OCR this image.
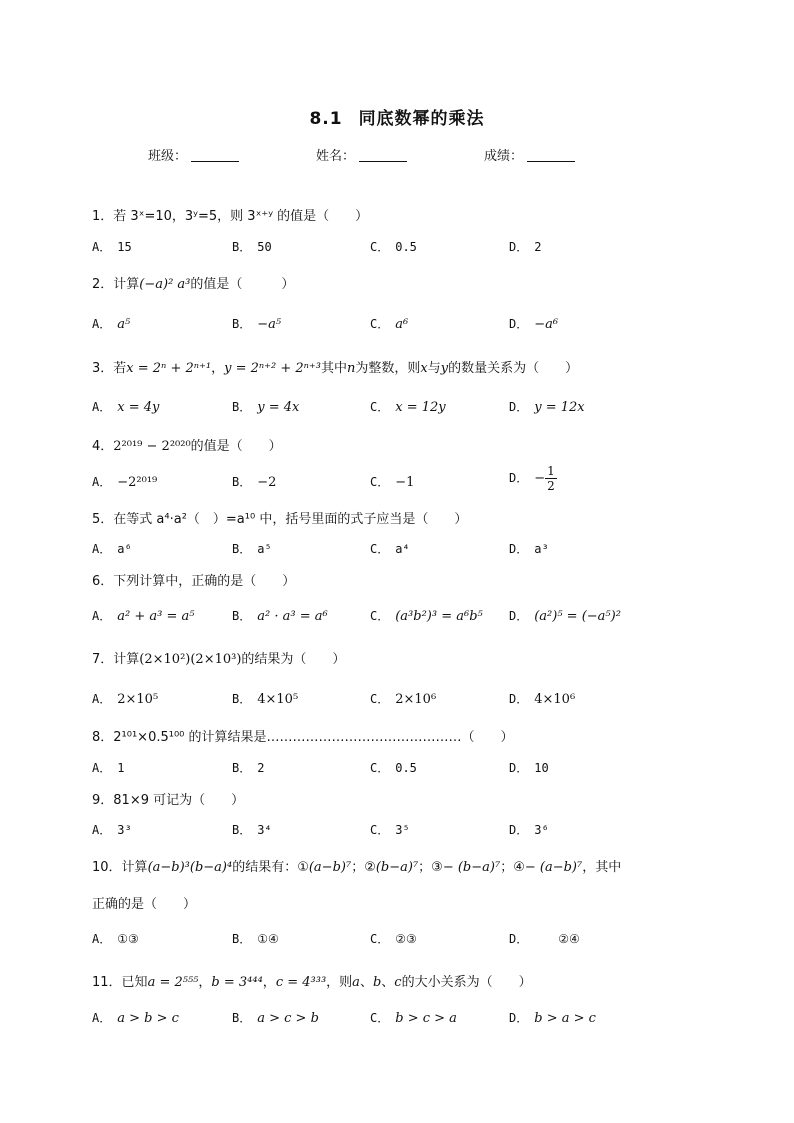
8.1 同底数幂的乘法
班级：	姓名：	成绩：
1．若 3ˣ=10，3ʸ=5，则 3ˣ⁺ʸ 的值是（　　）
A． 15	B． 50	C． 0.5	D． 2
2．计算(−a)² a³的值是（　　　）
A． a⁵	B． −a⁵	C． a⁶	D． −a⁶
3．若x = 2ⁿ + 2ⁿ⁺¹，y = 2ⁿ⁺² + 2ⁿ⁺³其中n为整数，则x与y的数量关系为（　　）
A． x = 4y	B． y = 4x	C． x = 12y	D． y = 12x
4．2²⁰¹⁹ − 2²⁰²⁰的值是（　　）
A． −2²⁰¹⁹	B． −2	C． −1	D． − $\frac{1}{2}$
5．在等式 a⁴·a²（　）=a¹⁰ 中，括号里面的式子应当是（　　）
A． a⁶	B． a⁵	C． a⁴	D． a³
6．下列计算中，正确的是（　　）
A． a² + a³ = a⁵	B． a² · a³ = a⁶	C． (a³b²)³ = a⁶b⁵ D． (a²)⁵ = (−a⁵)²
7．计算(2×10²)(2×10³)的结果为（　　）
A． 2×10⁵	B． 4×10⁵	C． 2×10⁶	D． 4×10⁶
8．2¹⁰¹×0.5¹⁰⁰ 的计算结果是………………………………………（　　）
A． 1	B． 2	C． 0.5	D． 10
9．81×9 可记为（　　）
A． 3³	B． 3⁴	C． 3⁵	D． 3⁶
10．计算(a−b)³(b−a)⁴的结果有：①(a−b)⁷；②(b−a)⁷；③− (b−a)⁷；④− (a−b)⁷，其中
正确的是（　　）
A． ①③	B． ①④	C． ②③	D．	②④
11．已知a = 2⁵⁵⁵，b = 3⁴⁴⁴，c = 4³³³，则a、b、c的大小关系为（　　）
A． a > b > c	B． a > c > b	C． b > c > a	D． b > a > c
